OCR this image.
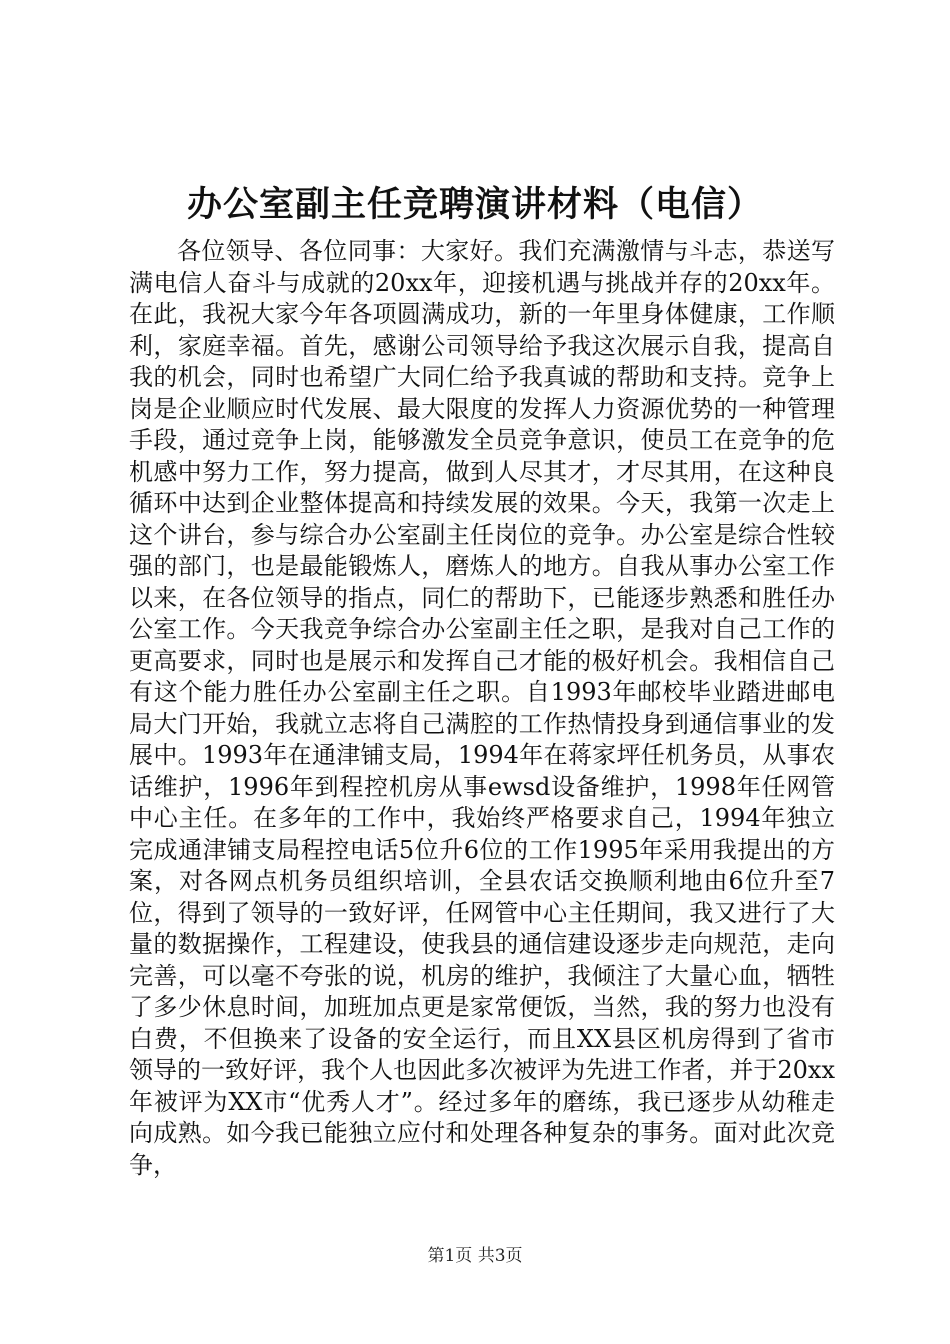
办公室副主任竞聘演讲材料（电信）

各位领导、各位同事：大家好。我们充满激情与斗志，恭送写满电信人奋斗与成就的20xx年，迎接机遇与挑战并存的20xx年。在此，我祝大家今年各项圆满成功，新的一年里身体健康，工作顺利，家庭幸福。首先，感谢公司领导给予我这次展示自我，提高自我的机会，同时也希望广大同仁给予我真诚的帮助和支持。竞争上岗是企业顺应时代发展、最大限度的发挥人力资源优势的一种管理手段，通过竞争上岗，能够激发全员竞争意识，使员工在竞争的危机感中努力工作，努力提高，做到人尽其才，才尽其用，在这种良循环中达到企业整体提高和持续发展的效果。今天，我第一次走上这个讲台，参与综合办公室副主任岗位的竞争。办公室是综合性较强的部门，也是最能锻炼人，磨炼人的地方。自我从事办公室工作以来，在各位领导的指点，同仁的帮助下，已能逐步熟悉和胜任办公室工作。今天我竞争综合办公室副主任之职，是我对自己工作的更高要求，同时也是展示和发挥自己才能的极好机会。我相信自己有这个能力胜任办公室副主任之职。自1993年邮校毕业踏进邮电局大门开始，我就立志将自己满腔的工作热情投身到通信事业的发展中。1993年在通津铺支局，1994年在蒋家坪任机务员，从事农话维护，1996年到程控机房从事ewsd设备维护，1998年任网管中心主任。在多年的工作中，我始终严格要求自己，1994年独立完成通津铺支局程控电话5位升6位的工作1995年采用我提出的方案，对各网点机务员组织培训，全县农话交换顺利地由6位升至7位，得到了领导的一致好评，任网管中心主任期间，我又进行了大量的数据操作，工程建设，使我县的通信建设逐步走向规范，走向完善，可以毫不夸张的说，机房的维护，我倾注了大量心血，牺牲了多少休息时间，加班加点更是家常便饭，当然，我的努力也没有白费，不但换来了设备的安全运行，而且XX县区机房得到了省市领导的一致好评，我个人也因此多次被评为先进工作者，并于20xx年被评为XX市“优秀人才”。经过多年的磨练，我已逐步从幼稚走向成熟。如今我已能独立应付和处理各种复杂的事务。面对此次竞争，

第1页 共3页
